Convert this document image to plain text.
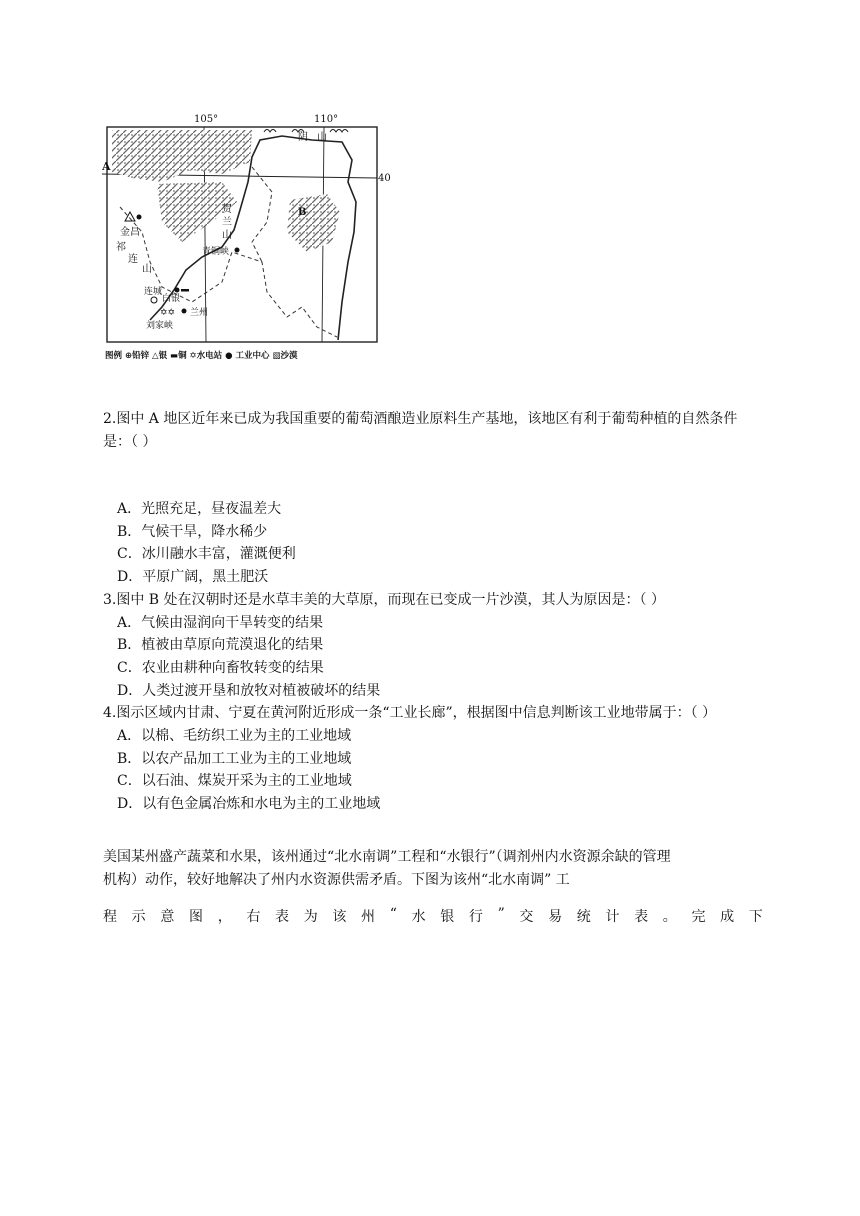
105°	110°
40
A
B
阴 山
贺
兰
山
祁
连
山
金昌
青铜峡
白银
连城
✡✡ 兰州
刘家峡
图例 ⊕铅锌 △银 ▬铜 ✡水电站 ● 工业中心 ▧沙漠

2.图中 A 地区近年来已成为我国重要的葡萄酒酿造业原料生产基地，该地区有利于葡萄种植的自然条件是：（ ）

A．光照充足，昼夜温差大

B．气候干旱，降水稀少

C．冰川融水丰富，灌溉便利

D．平原广阔，黑土肥沃

3.图中 B 处在汉朝时还是水草丰美的大草原，而现在已变成一片沙漠，其人为原因是：（ ）

A．气候由湿润向干旱转变的结果

B．植被由草原向荒漠退化的结果

C．农业由耕种向畜牧转变的结果

D．人类过渡开垦和放牧对植被破坏的结果

4.图示区域内甘肃、宁夏在黄河附近形成一条“工业长廊”，根据图中信息判断该工业地带属于：（ ）

A．以棉、毛纺织工业为主的工业地域

B．以农产品加工工业为主的工业地域

C．以石油、煤炭开采为主的工业地域

D．以有色金属冶炼和水电为主的工业地域

美国某州盛产蔬菜和水果，该州通过“北水南调”工程和“水银行”（调剂州内水资源余缺的管理

机构）动作，较好地解决了州内水资源供需矛盾。下图为该州“北水南调” 工

程 示 意 图 ， 右 表 为 该 州 “ 水 银 行 ” 交 易 统 计 表 。 完 成 下
